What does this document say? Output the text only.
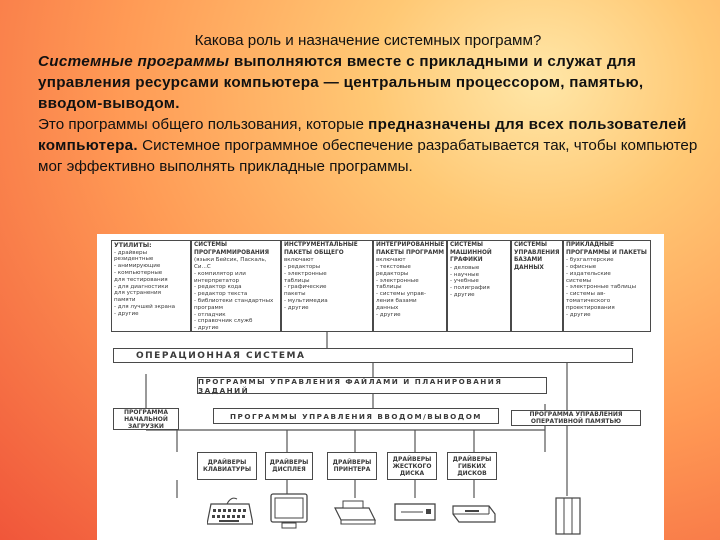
Какова роль и назначение системных программ?

Системные программы выполняются вместе с прикладными и служат для управления ресурсами компьютера — центральным процессором, памятью, вводом-выводом.

Это программы общего пользования, которые предназначены для всех пользователей компьютера. Системное программное обеспечение разрабатывается так, чтобы компьютер мог эффективно выполнять прикладные программы.

УТИЛИТЫ:
- драйверы
резидентные
- анимирующие
- компьютерные
для тестирования
- для диагностики
для устранения
памяти
- для лучшей экрана
- другие
СИСТЕМЫ ПРОГРАММИРОВАНИЯ
(языки Бейсик, Паскаль, Си...С
- компилятор или
интерпретатор
- редактор кода
- редактор текста
- библиотеки стандартных
программ
- отладчик
- справочник служб
- другие
ИНСТРУМЕНТАЛЬНЫЕ ПАКЕТЫ ОБЩЕГО
включают
- редакторы
- электронные
таблицы
- графические
пакеты
- мультимедиа
- другие
ИНТЕГРИРОВАННЫЕ ПАКЕТЫ ПРОГРАММ
включают
- текстовые
редакторы
- электронные
таблицы
- системы управ-
ления базами
данных
- другие
СИСТЕМЫ МАШИННОЙ ГРАФИКИ
- деловые
- научные
- учебные
- полиграфия
- другие
СИСТЕМЫ УПРАВЛЕНИЯ БАЗАМИ ДАННЫХ
ПРИКЛАДНЫЕ ПРОГРАММЫ И ПАКЕТЫ
- бухгалтерские
- офисные
- издательские
системы
- электронные таблицы
- системы ав-
томатического
проектирования
- другие
ОПЕРАЦИОННАЯ СИСТЕМА
ПРОГРАММЫ УПРАВЛЕНИЯ ФАЙЛАМИ И ПЛАНИРОВАНИЯ ЗАДАНИЙ
ПРОГРАММА НАЧАЛЬНОЙ ЗАГРУЗКИ
ПРОГРАММЫ УПРАВЛЕНИЯ ВВОДОМ/ВЫВОДОМ	ПРОГРАММА УПРАВЛЕНИЯ ОПЕРАТИВНОЙ ПАМЯТЬЮ
ДРАЙВЕРЫ КЛАВИАТУРЫ
ДРАЙВЕРЫ ДИСПЛЕЯ
ДРАЙВЕРЫ ПРИНТЕРА
ДРАЙВЕРЫ ЖЕСТКОГО ДИСКА
ДРАЙВЕРЫ ГИБКИХ ДИСКОВ
